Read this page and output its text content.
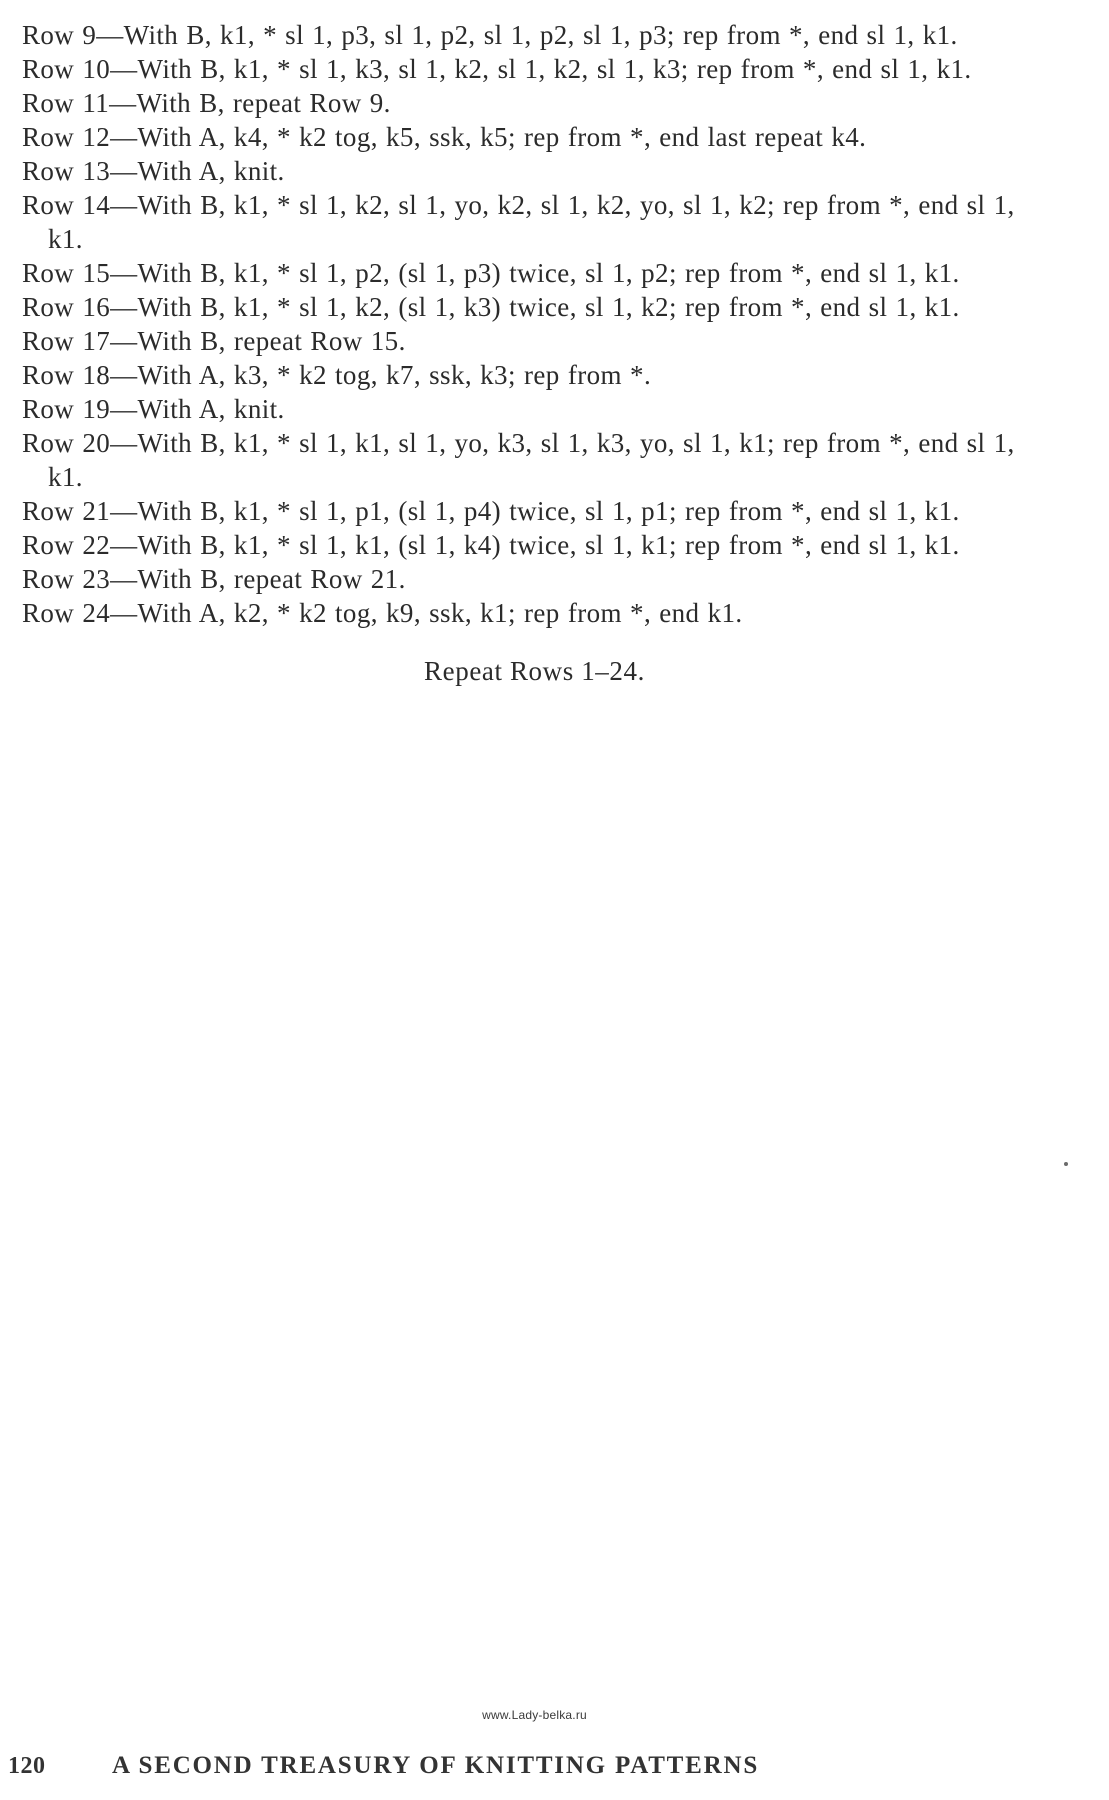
Row 9—With B, k1, * sl 1, p3, sl 1, p2, sl 1, p2, sl 1, p3; rep from *, end sl 1, k1.
Row 10—With B, k1, * sl 1, k3, sl 1, k2, sl 1, k2, sl 1, k3; rep from *, end sl 1, k1.
Row 11—With B, repeat Row 9.
Row 12—With A, k4, * k2 tog, k5, ssk, k5; rep from *, end last repeat k4.
Row 13—With A, knit.
Row 14—With B, k1, * sl 1, k2, sl 1, yo, k2, sl 1, k2, yo, sl 1, k2; rep from *, end sl 1, k1.
Row 15—With B, k1, * sl 1, p2, (sl 1, p3) twice, sl 1, p2; rep from *, end sl 1, k1.
Row 16—With B, k1, * sl 1, k2, (sl 1, k3) twice, sl 1, k2; rep from *, end sl 1, k1.
Row 17—With B, repeat Row 15.
Row 18—With A, k3, * k2 tog, k7, ssk, k3; rep from *.
Row 19—With A, knit.
Row 20—With B, k1, * sl 1, k1, sl 1, yo, k3, sl 1, k3, yo, sl 1, k1; rep from *, end sl 1, k1.
Row 21—With B, k1, * sl 1, p1, (sl 1, p4) twice, sl 1, p1; rep from *, end sl 1, k1.
Row 22—With B, k1, * sl 1, k1, (sl 1, k4) twice, sl 1, k1; rep from *, end sl 1, k1.
Row 23—With B, repeat Row 21.
Row 24—With A, k2, * k2 tog, k9, ssk, k1; rep from *, end k1.
Repeat Rows 1–24.
www.Lady-belka.ru
120	A SECOND TREASURY OF KNITTING PATTERNS
